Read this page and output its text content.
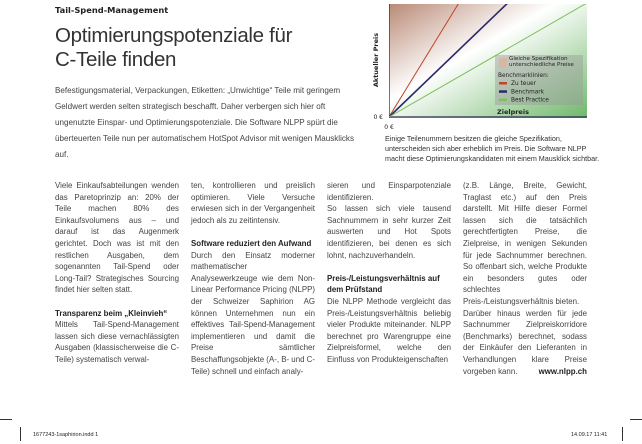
Tail-Spend-Management
Optimierungspotenziale für
C-Teile finden

Befestigungsmaterial, Verpackungen, Etiketten: „Unwichtige“ Teile mit geringem Geldwert werden selten strategisch beschafft. Daher verbergen sich hier oft ungenutzte Einspar- und Optimierungspotenziale. Die Software NLPP spürt die überteuerten Teile nun per automatischem HotSpot Advisor mit wenigen Mausklicks auf.

0 €
0 €
Aktueller Preis
Zielpreis
Gleiche Spezifikation unterschiedliche Preise
Benchmarklinien:
Zu teuer
Benchmark
Best Practice

Einige Teilenummern besitzen die gleiche Spezifikation, unterscheiden sich aber erheblich im Preis. Die Software NLPP macht diese Optimierungskandidaten mit einem Mausklick sichtbar.

Viele Einkaufsabteilungen wenden das Paretoprinzip an: 20% der Teile machen 80% des Einkaufsvolumens aus – und darauf ist das Augenmerk gerichtet. Doch was ist mit den restlichen Ausgaben, dem sogenannten Tail-Spend oder Long-Tail? Strategisches Sourcing findet hier selten statt.

Transparenz beim „Kleinvieh“

Mittels Tail-Spend-Management lassen sich diese vernachlässigten Ausgaben (klassischerweise die C-Teile) systematisch verwal-

ten, kontrollieren und preislich optimieren. Viele Versuche erwiesen sich in der Vergangenheit jedoch als zu zeitintensiv.

Software reduziert den Aufwand

Durch den Einsatz moderner mathematischer Analysewerkzeuge wie dem Non-Linear Performance Pricing (NLPP) der Schweizer Saphirion AG können Unternehmen nun ein effektives Tail-Spend-Management implementieren und damit die Preise sämtlicher Beschaffungsobjekte (A-, B- und C-Teile) schnell und einfach analy-

sieren und Einsparpotenziale identifizieren.

So lassen sich viele tausend Sachnummern in sehr kurzer Zeit auswerten und Hot Spots identifizieren, bei denen es sich lohnt, nachzuverhandeln.

Preis-/Leistungsverhältnis auf dem Prüfstand

Die NLPP Methode vergleicht das Preis-/Leistungsverhältnis beliebig vieler Produkte miteinander. NLPP berechnet pro Warengruppe eine Zielpreisformel, welche den Einfluss von Produkteigenschaften

(z.B. Länge, Breite, Gewicht, Traglast etc.) auf den Preis darstellt. Mit Hilfe dieser Formel lassen sich die tatsächlich gerechtfertigten Preise, die Zielpreise, in wenigen Sekunden für jede Sachnummer berechnen. So offenbart sich, welche Produkte ein besonders gutes oder schlechtes Preis-/Leistungsverhältnis bieten.

Darüber hinaus werden für jede Sachnummer Zielpreiskorridore (Benchmarks) berechnet, sodass der Einkäufer den Lieferanten in Verhandlungen klare Preise vorgeben kann.	www.nlpp.ch

1677243-1saphirion.indd 1	14.09.17 11:41
